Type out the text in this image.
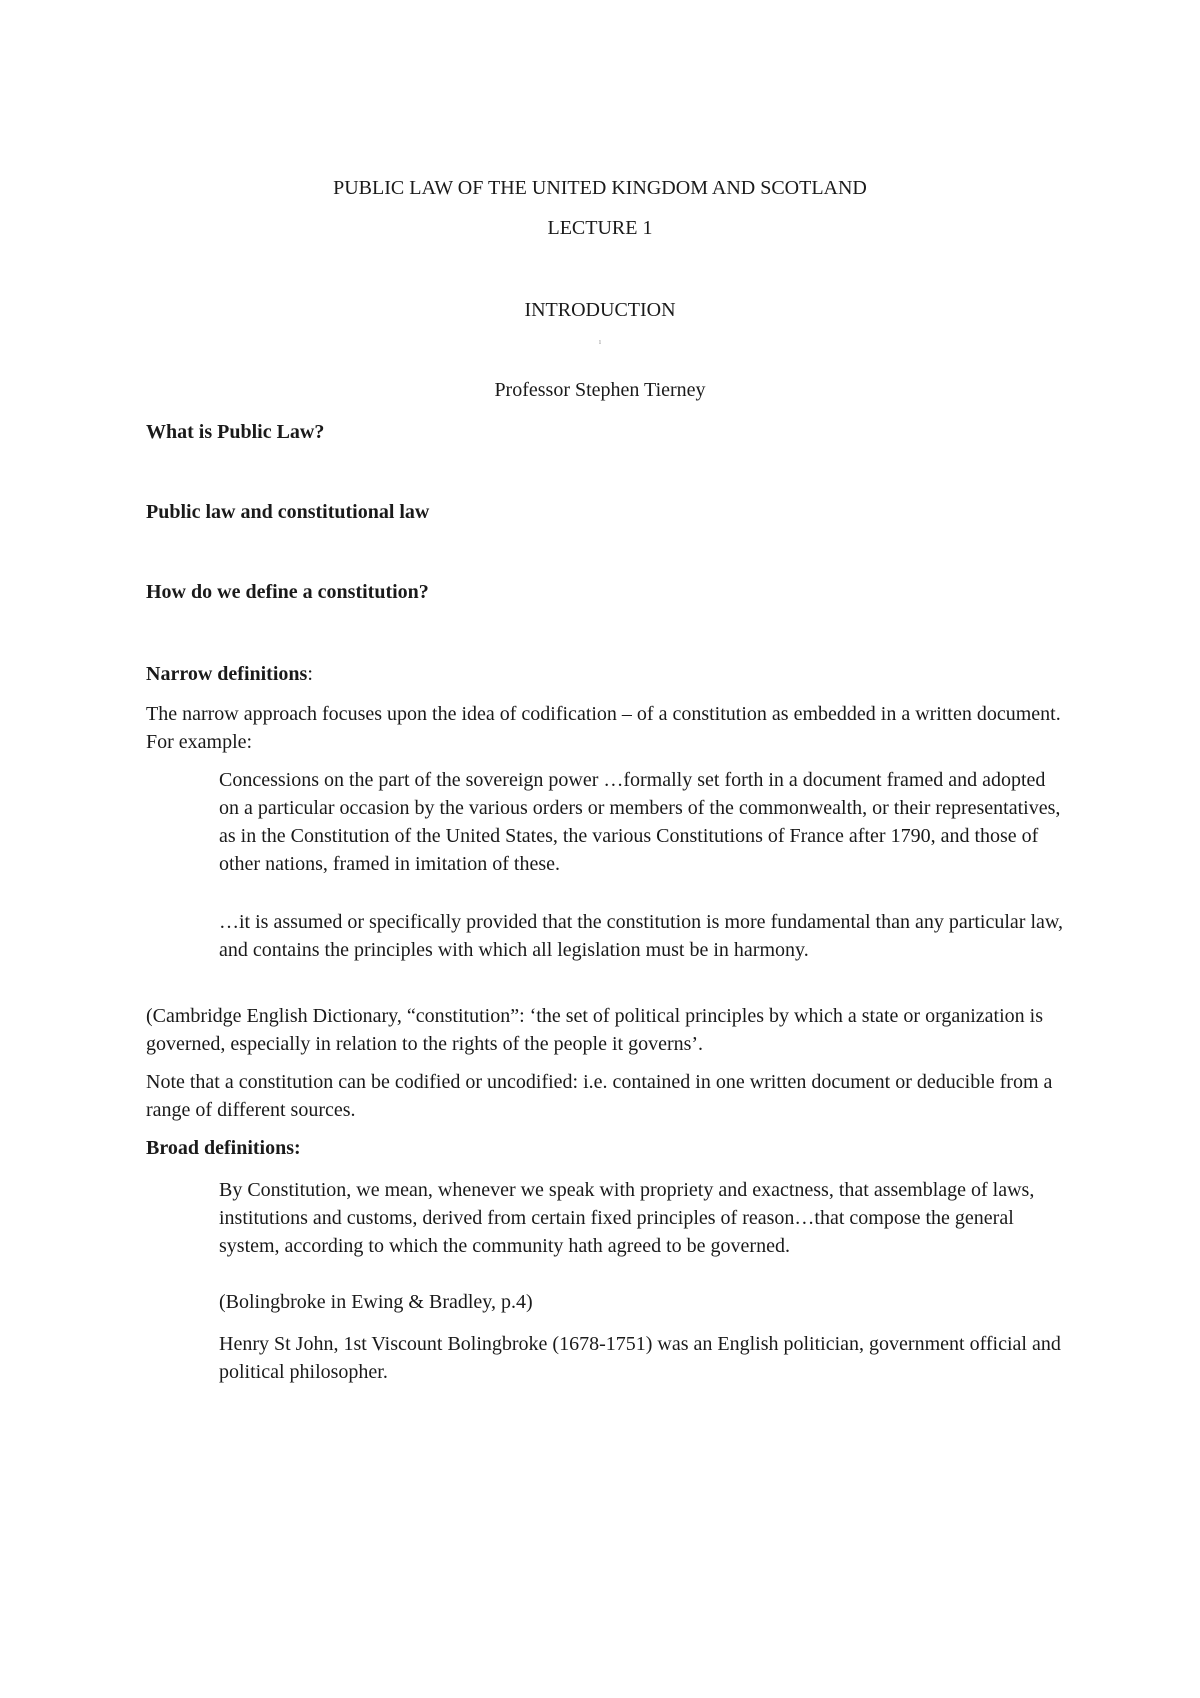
PUBLIC LAW OF THE UNITED KINGDOM AND SCOTLAND

LECTURE 1

INTRODUCTION

ı

Professor Stephen Tierney

What is Public Law?

Public law and constitutional law

How do we define a constitution?

Narrow definitions:

The narrow approach focuses upon the idea of codification – of a constitution as embedded in a written document. For example:

Concessions on the part of the sovereign power …formally set forth in a document framed and adopted on a particular occasion by the various orders or members of the commonwealth, or their representatives, as in the Constitution of the United States, the various Constitutions of France after 1790, and those of other nations, framed in imitation of these.

…it is assumed or specifically provided that the constitution is more fundamental than any particular law, and contains the principles with which all legislation must be in harmony.

(Cambridge English Dictionary, “constitution”: ‘the set of political principles by which a state or organization is governed, especially in relation to the rights of the people it governs’.

Note that a constitution can be codified or uncodified: i.e. contained in one written document or deducible from a range of different sources.

Broad definitions:

By Constitution, we mean, whenever we speak with propriety and exactness, that assemblage of laws, institutions and customs, derived from certain fixed principles of reason…that compose the general system, according to which the community hath agreed to be governed.

(Bolingbroke in Ewing & Bradley, p.4)

Henry St John, 1st Viscount Bolingbroke (1678-1751) was an English politician, government official and political philosopher.
